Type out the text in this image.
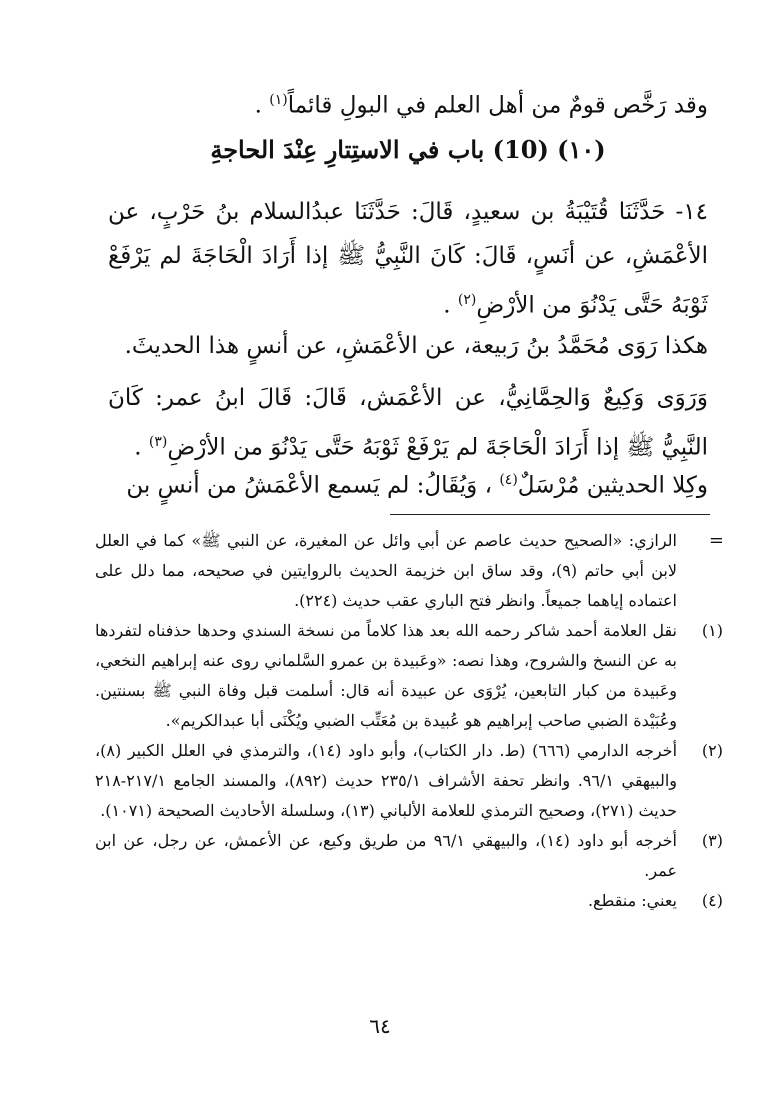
وقد رَخَّص قومٌ من أهل العلم في البولِ قائماً$^{(١)}$ .
(١٠) (10) باب في الاستِتارِ عِنْدَ الحاجةِ
١٤- حَدَّثَنَا قُتَيْبَةُ بن سعيدٍ، قَالَ: حَدَّثَنَا عبدُالسلام بنُ حَرْبٍ، عن الأعْمَشِ، عن أنَسٍ، قَالَ: كَانَ النَّبِيُّ ﷺ إذا أَرَادَ الْحَاجَةَ لم يَرْفَعْ ثَوْبَهُ حَتَّى يَدْنُوَ من الأرْضِ$^{(٢)}$ .
هكذا رَوَى مُحَمَّدُ بنُ رَبيعة، عن الأعْمَشِ، عن أنسٍ هذا الحديثَ.
وَرَوَى وَكِيعٌ وَالحِمَّانِيُّ، عن الأعْمَش، قَالَ: قَالَ ابنُ عمر: كَانَ النَّبِيُّ ﷺ إذا أَرَادَ الْحَاجَةَ لم يَرْفَعْ ثَوْبَهُ حَتَّى يَدْنُوَ من الأرْضِ$^{(٣)}$ .
وكِلا الحديثين مُرْسَلٌ$^{(٤)}$ ، وَيُقَالُ: لم يَسمع الأعْمَشُ من أنسٍ بن
=
الرازي: «الصحيح حديث عاصم عن أبي وائل عن المغيرة، عن النبي ﷺ» كما في العلل لابن أبي حاتم (٩)، وقد ساق ابن خزيمة الحديث بالروايتين في صحيحه، مما دلل على اعتماده إياهما جميعاً. وانظر فتح الباري عقب حديث (٢٢٤).
(١)
نقل العلامة أحمد شاكر رحمه الله بعد هذا كلاماً من نسخة السندي وحدها حذفناه لتفردها به عن النسخ والشروح، وهذا نصه: «وعَبيدة بن عمرو السَّلماني روى عنه إبراهيم النخعي، وعَبيدة من كبار التابعين، يُرْوَى عن عبيدة أنه قال: أسلمت قبل وفاة النبي ﷺ بسنتين. وعُبَيْدة الضبي صاحب إبراهيم هو عُبيدة بن مُعَتِّب الضبي ويُكْنَى أبا عبدالكريم».
(٢)
أخرجه الدارمي (٦٦٦) (ط. دار الكتاب)، وأبو داود (١٤)، والترمذي في العلل الكبير (٨)، والبيهقي ٩٦/١. وانظر تحفة الأشراف ٢٣٥/١ حديث (٨٩٢)، والمسند الجامع ٢١٧/١-٢١٨ حديث (٢٧١)، وصحيح الترمذي للعلامة الألباني (١٣)، وسلسلة الأحاديث الصحيحة (١٠٧١).
(٣)
أخرجه أبو داود (١٤)، والبيهقي ٩٦/١ من طريق وكيع، عن الأعمش، عن رجل، عن ابن عمر.
(٤)
يعني: منقطع.
٦٤
